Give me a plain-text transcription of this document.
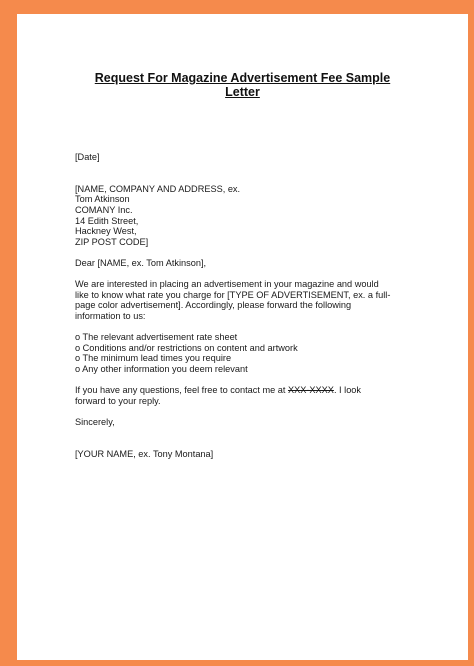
Request For Magazine Advertisement Fee Sample
Letter
[Date]
[NAME, COMPANY AND ADDRESS, ex.
Tom Atkinson
COMANY Inc.
14 Edith Street,
Hackney West,
ZIP POST CODE]
Dear [NAME, ex. Tom Atkinson],
We are interested in placing an advertisement in your magazine and would
like to know what rate you charge for [TYPE OF ADVERTISEMENT, ex. a full-
page color advertisement]. Accordingly, please forward the following
information to us:
o The relevant advertisement rate sheet
o Conditions and/or restrictions on content and artwork
o The minimum lead times you require
o Any other information you deem relevant
If you have any questions, feel free to contact me at XXX-XXXX. I look
forward to your reply.
Sincerely,
[YOUR NAME, ex. Tony Montana]
